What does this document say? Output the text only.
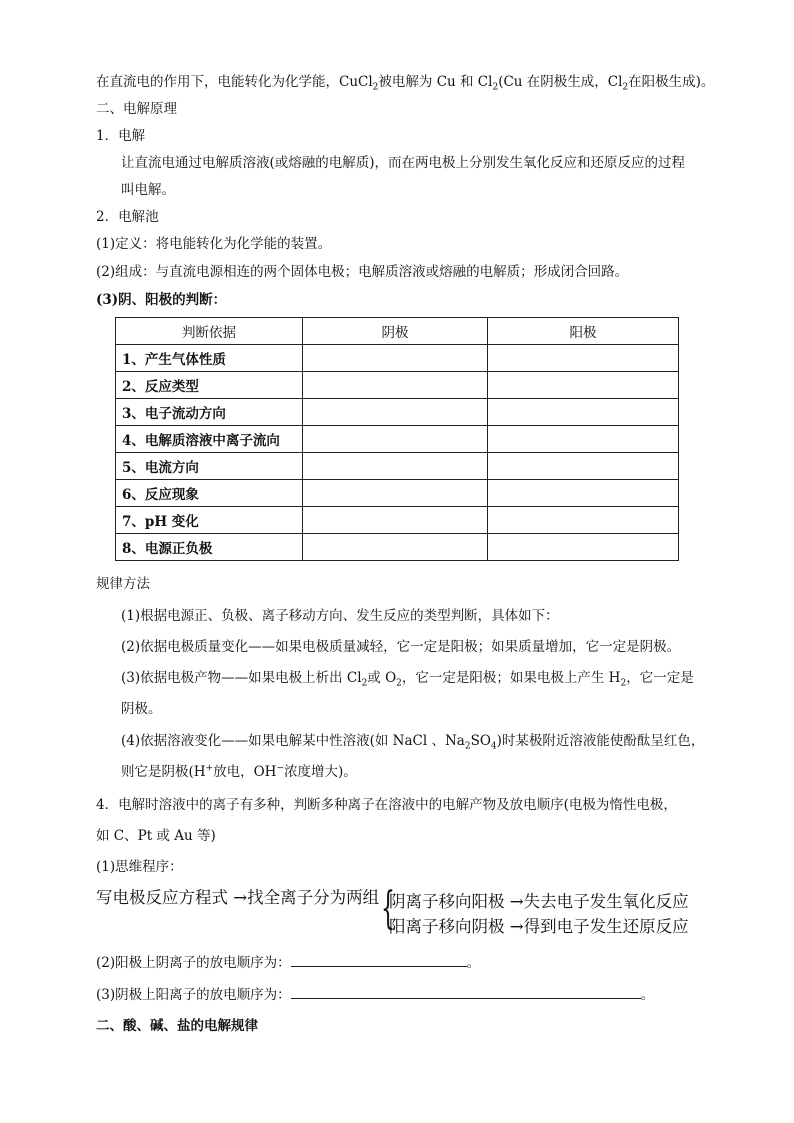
在直流电的作用下，电能转化为化学能，CuCl$_2$被电解为 Cu 和 $Cl_2(Cu$ 在阴极生成，$Cl_2$在阳极生成)。
二、电解原理
1．电解
让直流电通过电解质溶液(或熔融的电解质)，而在两电极上分别发生氧化反应和还原反应的过程
叫电解。
2．电解池
(1)定义：将电能转化为化学能的装置。
(2)组成：与直流电源相连的两个固体电极；电解质溶液或熔融的电解质；形成闭合回路。
(3)阴、阳极的判断：
判断依据	阴极	阳极
1、产生气体性质		
2、反应类型		
3、电子流动方向		
4、电解质溶液中离子流向		
5、电流方向		
6、反应现象		
7、pH 变化		
8、电源正负极		
规律方法
(1)根据电源正、负极、离子移动方向、发生反应的类型判断，具体如下：
(2)依据电极质量变化——如果电极质量减轻，它一定是阳极；如果质量增加，它一定是阴极。
(3)依据电极产物——如果电极上析出 $Cl_2$或 $O_2$，它一定是阳极；如果电极上产生 $H_2$，它一定是
阴极。
(4)依据溶液变化——如果电解某中性溶液(如 NaCl 、$Na_2SO_4$)时某极附近溶液能使酚酞呈红色，
则它是阴极(H+放电，OH−浓度增大)。
4．电解时溶液中的离子有多种，判断多种离子在溶液中的电解产物及放电顺序(电极为惰性电极，
如 C、Pt 或 Au 等)
(1)思维程序：
写电极反应方程式 →找全离子分为两组 {
阴离子移向阳极 →失去电子发生氧化反应
阳离子移向阴极 →得到电子发生还原反应
(2)阳极上阴离子的放电顺序为：	。
(3)阴极上阳离子的放电顺序为：	。
二、酸、碱、盐的电解规律
